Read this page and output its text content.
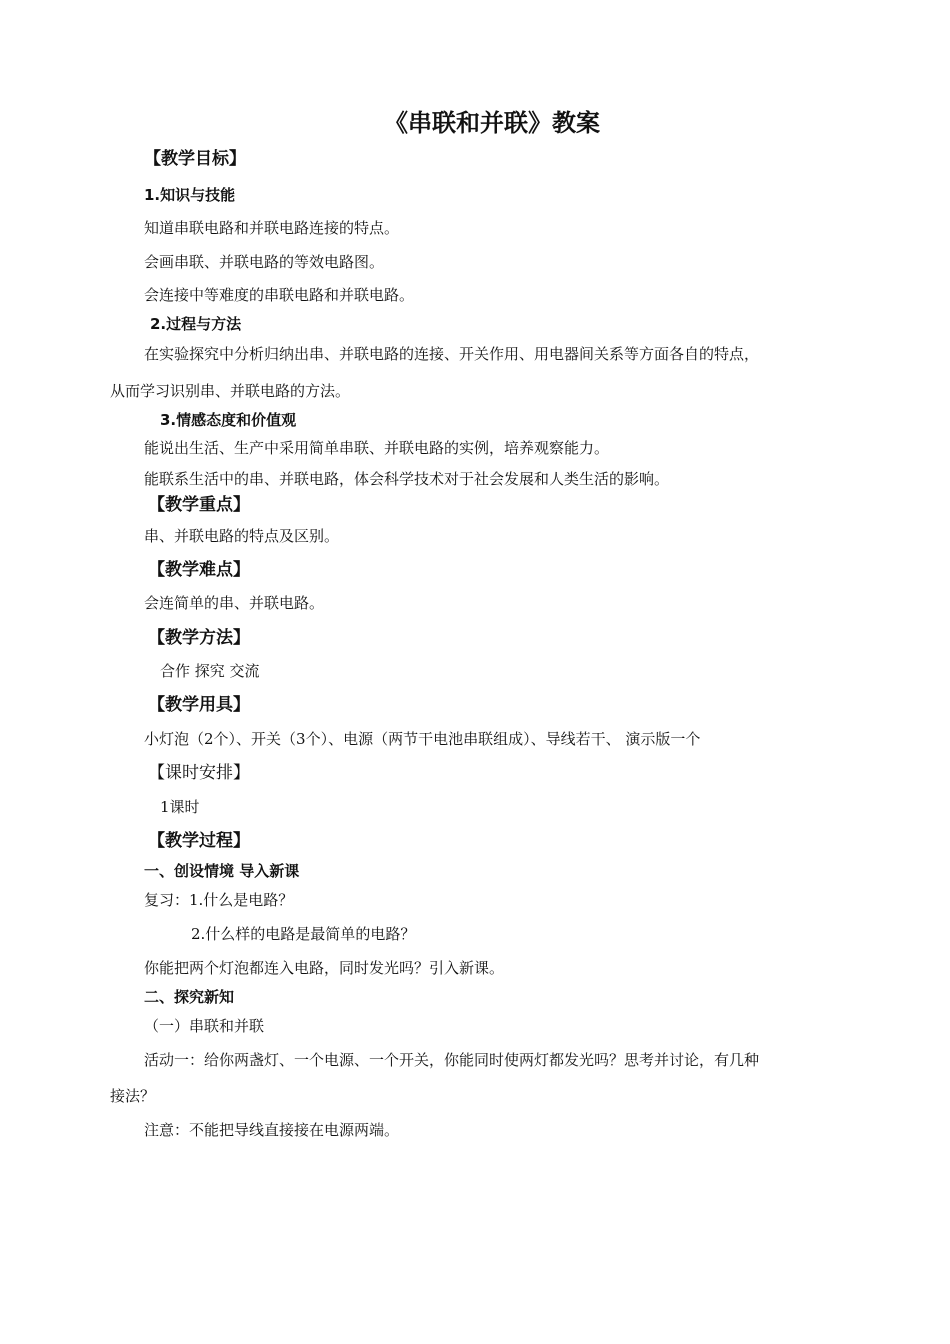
《串联和并联》教案
【教学目标】
1.知识与技能
知道串联电路和并联电路连接的特点。
会画串联、并联电路的等效电路图。
会连接中等难度的串联电路和并联电路。
2.过程与方法
在实验探究中分析归纳出串、并联电路的连接、开关作用、用电器间关系等方面各自的特点，
从而学习识别串、并联电路的方法。
3.情感态度和价值观
能说出生活、生产中采用简单串联、并联电路的实例，培养观察能力。
能联系生活中的串、并联电路，体会科学技术对于社会发展和人类生活的影响。
【教学重点】
串、并联电路的特点及区别。
【教学难点】
会连简单的串、并联电路。
【教学方法】
合作 探究 交流
【教学用具】
小灯泡（2个）、开关（3个）、电源（两节干电池串联组成）、导线若干、 演示版一个
【课时安排】
1课时
【教学过程】
一、创设情境 导入新课
复习：1.什么是电路？
2.什么样的电路是最简单的电路？
你能把两个灯泡都连入电路，同时发光吗？引入新课。
二、探究新知
（一）串联和并联
活动一：给你两盏灯、一个电源、一个开关，你能同时使两灯都发光吗？思考并讨论，有几种
接法？
注意：不能把导线直接接在电源两端。
